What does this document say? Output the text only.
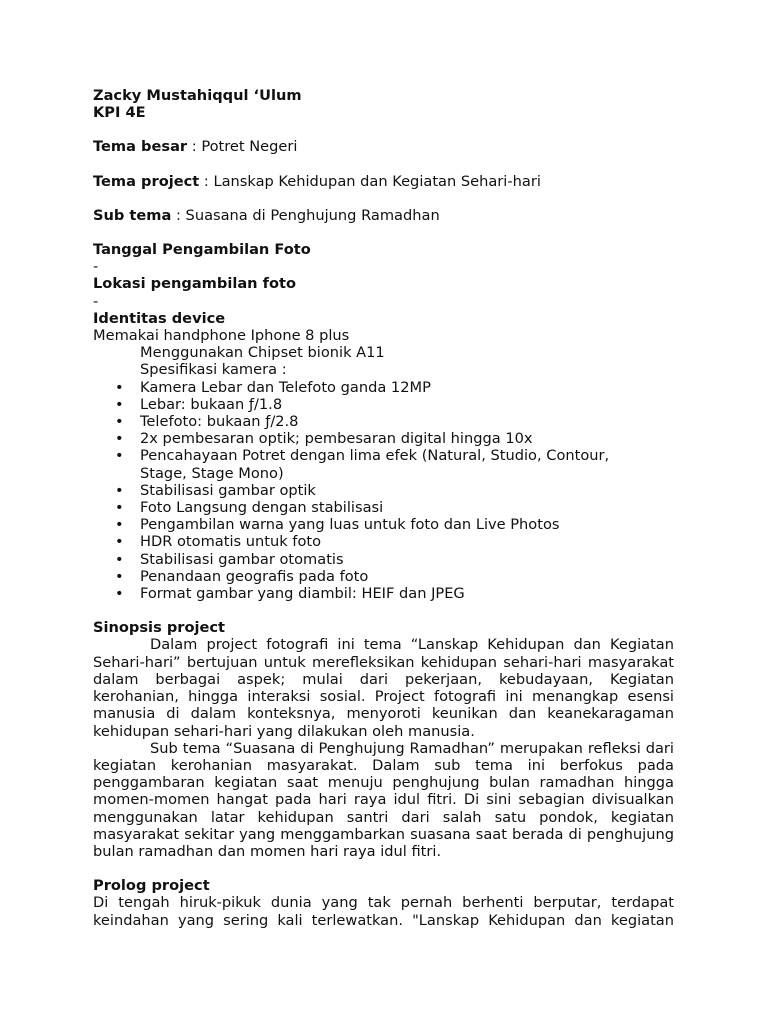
Zacky Mustahiqqul ‘Ulum
KPI 4E
Tema besar : Potret Negeri
Tema project : Lanskap Kehidupan dan Kegiatan Sehari-hari
Sub tema : Suasana di Penghujung Ramadhan
Tanggal Pengambilan Foto
-
Lokasi pengambilan foto
-
Identitas device
Memakai handphone Iphone 8 plus
Menggunakan Chipset bionik A11
Spesifikasi kamera :
• Kamera Lebar dan Telefoto ganda 12MP
• Lebar: bukaan ƒ/1.8
• Telefoto: bukaan ƒ/2.8
• 2x pembesaran optik; pembesaran digital hingga 10x
• Pencahayaan Potret dengan lima efek (Natural, Studio, Contour, Stage, Stage Mono)
• Stabilisasi gambar optik
• Foto Langsung dengan stabilisasi
• Pengambilan warna yang luas untuk foto dan Live Photos
• HDR otomatis untuk foto
• Stabilisasi gambar otomatis
• Penandaan geografis pada foto
• Format gambar yang diambil: HEIF dan JPEG
Sinopsis project
Dalam project fotografi ini tema “Lanskap Kehidupan dan Kegiatan Sehari-hari” bertujuan untuk merefleksikan kehidupan sehari-hari masyarakat dalam berbagai aspek; mulai dari pekerjaan, kebudayaan, Kegiatan kerohanian, hingga interaksi sosial. Project fotografi ini menangkap esensi manusia di dalam konteksnya, menyoroti keunikan dan keanekaragaman kehidupan sehari-hari yang dilakukan oleh manusia.
Sub tema “Suasana di Penghujung Ramadhan” merupakan refleksi dari kegiatan kerohanian masyarakat. Dalam sub tema ini berfokus pada penggambaran kegiatan saat menuju penghujung bulan ramadhan hingga momen-momen hangat pada hari raya idul fitri. Di sini sebagian divisualkan menggunakan latar kehidupan santri dari salah satu pondok, kegiatan masyarakat sekitar yang menggambarkan suasana saat berada di penghujung bulan ramadhan dan momen hari raya idul fitri.
Prolog project
Di tengah hiruk-pikuk dunia yang tak pernah berhenti berputar, terdapat keindahan yang sering kali terlewatkan. "Lanskap Kehidupan dan kegiatan
